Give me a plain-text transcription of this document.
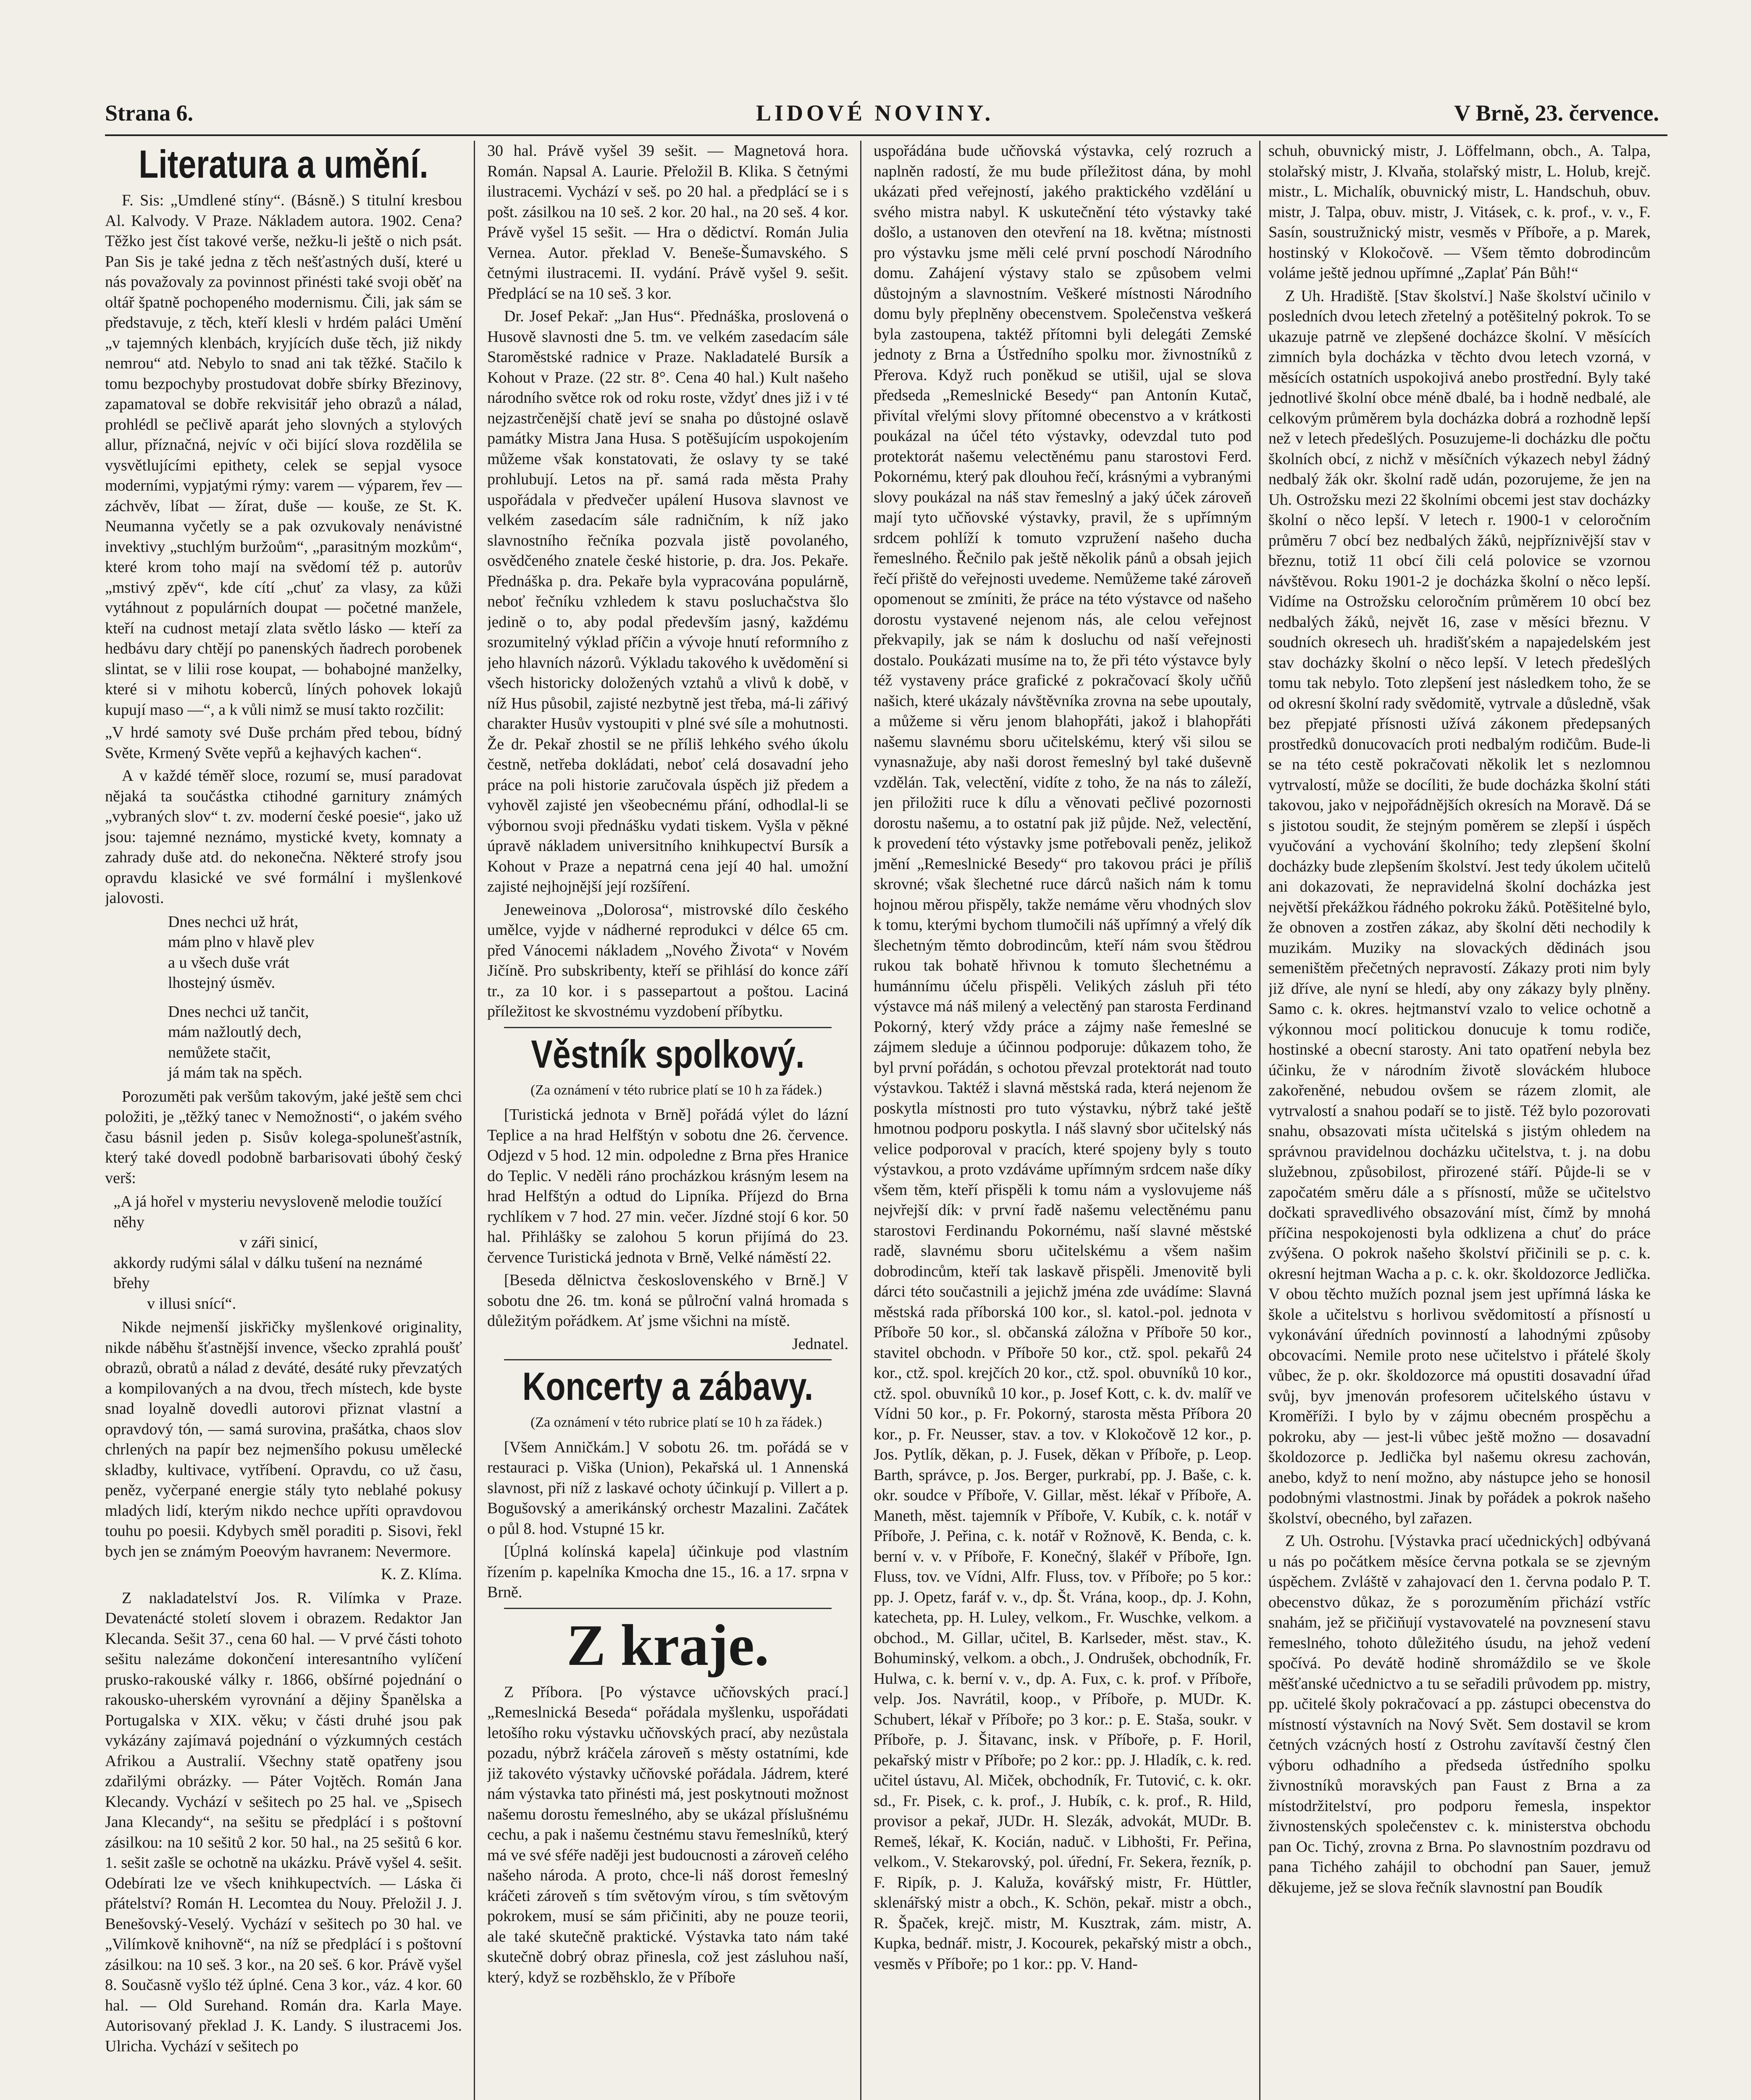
Strana 6.	LIDOVÉ NOVINY.	V Brně, 23. července.
Literatura a umění.

F. Sis: „Umdlené stíny“. (Básně.) S titulní kresbou Al. Kalvody. V Praze. Nákladem autora. 1902. Cena? Těžko jest číst takové verše, nežku-li ještě o nich psát. Pan Sis je také jedna z těch nešťastných duší, které u nás považovaly za povinnost přinésti také svoji oběť na oltář špatně pochopeného modernismu. Čili, jak sám se představuje, z těch, kteří klesli v hrdém paláci Umění „v tajemných klenbách, kryjících duše těch, již nikdy nemrou“ atd. Nebylo to snad ani tak těžké. Stačilo k tomu bezpochyby prostudovat dobře sbírky Březinovy, zapamatoval se dobře rekvisitář jeho obrazů a nálad, prohlédl se pečlivě aparát jeho slovných a stylových allur, příznačná, nejvíc v oči bijící slova rozdělila se vysvětlujícími epithety, celek se sepjal vysoce moderními, vypjatými rýmy: varem — výparem, řev — záchvěv, líbat — žírat, duše — kouše, ze St. K. Neumanna vyčetly se a pak ozvukovaly nenávistné invektivy „stuchlým buržoům“, „parasitným mozkům“, které krom toho mají na svědomí též p. autorův „mstivý zpěv“, kde cítí „chuť za vlasy, za kůži vytáhnout z populárních doupat — početné manžele, kteří na cudnost metají zlata světlo lásko — kteří za hedbávu dary chtějí po panenských ňadrech porobenek slintat, se v lilii rose koupat, — bohabojné manželky, které si v mihotu koberců, líných pohovek lokajů kupují maso —“, a k vůli nimž se musí takto rozčilit:

„V hrdé samoty své Duše prchám před tebou, bídný Světe, Krmený Světe vepřů a kejhavých kachen“.

A v každé téměř sloce, rozumí se, musí paradovat nějaká ta součástka ctihodné garnitury známých „vybraných slov“ t. zv. moderní české poesie“, jako už jsou: tajemné neznámo, mystické kvety, komnaty a zahrady duše atd. do nekonečna. Některé strofy jsou opravdu klasické ve své formální i myšlenkové jalovosti.

Dnes nechci už hrát,
mám plno v hlavě plev
a u všech duše vrát
lhostejný úsměv.
Dnes nechci už tančit,
mám nažloutlý dech,
nemůžete stačit,
já mám tak na spěch.

Porozuměti pak veršům takovým, jaké ještě sem chci položiti, je „těžký tanec v Nemožnosti“, o jakém svého času básnil jeden p. Sisův kolega-spolunešťastník, který také dovedl podobně barbarisovati úbohý český verš:

„A já hořel v mysteriu nevysloveně melodie toužící něhy
v záři sinicí,
akkordy rudými sálal v dálku tušení na neznámé břehy
v illusi snící“.

Nikde nejmenší jiskřičky myšlenkové originality, nikde náběhu šťastnější invence, všecko zprahlá poušť obrazů, obratů a nálad z deváté, desáté ruky převzatých a kompilovaných a na dvou, třech místech, kde byste snad loyalně dovedli autorovi přiznat vlastní a opravdový tón, — samá surovina, prašátka, chaos slov chrlených na papír bez nejmenšího pokusu umělecké skladby, kultivace, vytříbení. Opravdu, co už času, peněz, vyčerpané energie stály tyto neblahé pokusy mladých lidí, kterým nikdo nechce upříti opravdovou touhu po poesii. Kdybych směl poraditi p. Sisovi, řekl bych jen se známým Poeovým havranem: Nevermore.

K. Z. Klíma.

Z nakladatelství Jos. R. Vilímka v Praze. Devatenácté století slovem i obrazem. Redaktor Jan Klecanda. Sešit 37., cena 60 hal. — V prvé části tohoto sešitu nalezáme dokončení interesantního vylíčení prusko-rakouské války r. 1866, obšírné pojednání o rakousko-uherském vyrovnání a dějiny Španělska a Portugalska v XIX. věku; v části druhé jsou pak vykázány zajímavá pojednání o výzkumných cestách Afrikou a Australií. Všechny statě opatřeny jsou zdařilými obrázky. — Páter Vojtěch. Román Jana Klecandy. Vychází v sešitech po 25 hal. ve „Spisech Jana Klecandy“, na sešitu se předplácí i s poštovní zásilkou: na 10 sešitů 2 kor. 50 hal., na 25 sešitů 6 kor. 1. sešit zašle se ochotně na ukázku. Právě vyšel 4. sešit. Odebírati lze ve všech knihkupectvích. — Láska či přátelství? Román H. Lecomtea du Nouy. Přeložil J. J. Benešovský-Veselý. Vychází v sešitech po 30 hal. ve „Vilímkově knihovně“, na níž se předplácí i s poštovní zásilkou: na 10 seš. 3 kor., na 20 seš. 6 kor. Právě vyšel 8. Současně vyšlo též úplné. Cena 3 kor., váz. 4 kor. 60 hal. — Old Surehand. Román dra. Karla Maye. Autorisovaný překlad J. K. Landy. S ilustracemi Jos. Ulricha. Vychází v sešitech po

30 hal. Právě vyšel 39 sešit. — Magnetová hora. Román. Napsal A. Laurie. Přeložil B. Klika. S četnými ilustracemi. Vychází v seš. po 20 hal. a předplácí se i s pošt. zásilkou na 10 seš. 2 kor. 20 hal., na 20 seš. 4 kor. Právě vyšel 15 sešit. — Hra o dědictví. Román Julia Vernea. Autor. překlad V. Beneše-Šumavského. S četnými ilustracemi. II. vydání. Právě vyšel 9. sešit. Předplácí se na 10 seš. 3 kor.

Dr. Josef Pekař: „Jan Hus“. Přednáška, proslovená o Husově slavnosti dne 5. tm. ve velkém zasedacím sále Staroměstské radnice v Praze. Nakladatelé Bursík a Kohout v Praze. (22 str. 8°. Cena 40 hal.) Kult našeho národního světce rok od roku roste, vždyť dnes již i v té nejzastrčenější chatě jeví se snaha po důstojné oslavě památky Mistra Jana Husa. S potěšujícím uspokojením můžeme však konstatovati, že oslavy ty se také prohlubují. Letos na př. samá rada města Prahy uspořádala v předvečer upálení Husova slavnost ve velkém zasedacím sále radničním, k níž jako slavnostního řečníka pozvala jistě povolaného, osvědčeného znatele české historie, p. dra. Jos. Pekaře. Přednáška p. dra. Pekaře byla vypracována populárně, neboť řečníku vzhledem k stavu posluchačstva šlo jedině o to, aby podal především jasný, každému srozumitelný výklad příčin a vývoje hnutí reformního z jeho hlavních názorů. Výkladu takového k uvědomění si všech historicky doložených vztahů a vlivů k době, v níž Hus působil, zajisté nezbytně jest třeba, má-li zářivý charakter Husův vystoupiti v plné své síle a mohutnosti. Že dr. Pekař zhostil se ne příliš lehkého svého úkolu čestně, netřeba dokládati, neboť celá dosavadní jeho práce na poli historie zaručovala úspěch již předem a vyhověl zajisté jen všeobecnému přání, odhodlal-li se výbornou svoji přednášku vydati tiskem. Vyšla v pěkné úpravě nákladem universitního knihkupectví Bursík a Kohout v Praze a nepatrná cena její 40 hal. umožní zajisté nejhojnější její rozšíření.

Jeneweinova „Dolorosa“, mistrovské dílo českého umělce, vyjde v nádherné reprodukci v délce 65 cm. před Vánocemi nákladem „Nového Života“ v Novém Jičíně. Pro subskribenty, kteří se přihlásí do konce září tr., za 10 kor. i s passepartout a poštou. Laciná příležitost ke skvostnému vyzdobení příbytku.

Věstník spolkový.

(Za oznámení v této rubrice platí se 10 h za řádek.)

[Turistická jednota v Brně] pořádá výlet do lázní Teplice a na hrad Helfštýn v sobotu dne 26. července. Odjezd v 5 hod. 12 min. odpoledne z Brna přes Hranice do Teplic. V neděli ráno procházkou krásným lesem na hrad Helfštýn a odtud do Lipníka. Příjezd do Brna rychlíkem v 7 hod. 27 min. večer. Jízdné stojí 6 kor. 50 hal. Přihlášky se zalohou 5 korun přijímá do 23. července Turistická jednota v Brně, Velké náměstí 22.

[Beseda dělnictva československého v Brně.] V sobotu dne 26. tm. koná se půlroční valná hromada s důležitým pořádkem. Ať jsme všichni na místě.

Jednatel.

Koncerty a zábavy.

(Za oznámení v této rubrice platí se 10 h za řádek.)

[Všem Anničkám.] V sobotu 26. tm. pořádá se v restauraci p. Viška (Union), Pekařská ul. 1 Annenská slavnost, při níž z laskavé ochoty účinkují p. Villert a p. Bogušovský a amerikánský orchestr Mazalini. Začátek o půl 8. hod. Vstupné 15 kr.

[Úplná kolínská kapela] účinkuje pod vlastním řízením p. kapelníka Kmocha dne 15., 16. a 17. srpna v Brně.

Z kraje.

Z Příbora. [Po výstavce učňovských prací.] „Remeslnická Beseda“ pořádala myšlenku, uspořádati letošího roku výstavku učňovských prací, aby nezůstala pozadu, nýbrž kráčela zároveň s městy ostatními, kde již takovéto výstavky učňovské pořádala. Jádrem, které nám výstavka tato přinésti má, jest poskytnouti možnost našemu dorostu řemeslného, aby se ukázal příslušnému cechu, a pak i našemu čestnému stavu řemeslníků, který má ve své sféře naději jest budoucnosti a zároveň celého našeho národa. A proto, chce-li náš dorost řemeslný kráčeti zároveň s tím světovým vírou, s tím světovým pokrokem, musí se sám přičiniti, aby ne pouze teorii, ale také skutečně praktické. Výstavka tato nám také skutečně dobrý obraz přinesla, což jest zásluhou naší, který, když se rozběhsklo, že v Příboře

uspořádána bude učňovská výstavka, celý rozruch a naplněn radostí, že mu bude příležitost dána, by mohl ukázati před veřejností, jakého praktického vzdělání u svého mistra nabyl. K uskutečnění této výstavky také došlo, a ustanoven den otevření na 18. května; místnosti pro výstavku jsme měli celé první poschodí Národního domu. Zahájení výstavy stalo se způsobem velmi důstojným a slavnostním. Veškeré místnosti Národního domu byly přeplněny obecenstvem. Společenstva veškerá byla zastoupena, taktéž přítomni byli delegáti Zemské jednoty z Brna a Ústředního spolku mor. živnostníků z Přerova. Když ruch poněkud se utišil, ujal se slova předseda „Remeslnické Besedy“ pan Antonín Kutač, přivítal vřelými slovy přítomné obecenstvo a v krátkosti poukázal na účel této výstavky, odevzdal tuto pod protektorát našemu velectěnému panu starostovi Ferd. Pokornému, který pak dlouhou řečí, krásnými a vybranými slovy poukázal na náš stav řemeslný a jaký úček zároveň mají tyto učňovské výstavky, pravil, že s upřímným srdcem pohlíží k tomuto vzpružení našeho ducha řemeslného. Řečnilo pak ještě několik pánů a obsah jejich řečí přiště do veřejnosti uvedeme. Nemůžeme také zároveň opomenout se zmíniti, že práce na této výstavce od našeho dorostu vystavené nejenom nás, ale celou veřejnost překvapily, jak se nám k dosluchu od naší veřejnosti dostalo. Poukázati musíme na to, že při této výstavce byly též vystaveny práce grafické z pokračovací školy učňů našich, které ukázaly návštěvníka zrovna na sebe upoutaly, a můžeme si věru jenom blahopřáti, jakož i blahopřáti našemu slavnému sboru učitelskému, který vši silou se vynasnažuje, aby naši dorost řemeslný byl také duševně vzdělán. Tak, velectění, vidíte z toho, že na nás to záleží, jen přiložiti ruce k dílu a věnovati pečlivé pozornosti dorostu našemu, a to ostatní pak již půjde. Než, velectění, k provedení této výstavky jsme potřebovali peněz, jelikož jmění „Remeslnické Besedy“ pro takovou práci je příliš skrovné; však šlechetné ruce dárců našich nám k tomu hojnou měrou přispěly, takže nemáme věru vhodných slov k tomu, kterými bychom tlumočili náš upřímný a vřelý dík šlechetným těmto dobrodincům, kteří nám svou štědrou rukou tak bohatě hřivnou k tomuto šlechetnému a humánnímu účelu přispěli. Velikých zásluh při této výstavce má náš milený a velectěný pan starosta Ferdinand Pokorný, který vždy práce a zájmy naše řemeslné se zájmem sleduje a účinnou podporuje: důkazem toho, že byl první pořádán, s ochotou převzal protektorát nad touto výstavkou. Taktéž i slavná městská rada, která nejenom že poskytla místnosti pro tuto výstavku, nýbrž také ještě hmotnou podporu poskytla. I náš slavný sbor učitelský nás velice podporoval v pracích, které spojeny byly s touto výstavkou, a proto vzdáváme upřímným srdcem naše díky všem těm, kteří přispěli k tomu nám a vyslovujeme náš nejvřejší dík: v první řadě našemu velectěnému panu starostovi Ferdinandu Pokornému, naší slavné městské radě, slavnému sboru učitelskému a všem našim dobrodincům, kteří tak laskavě přispěli. Jmenovitě byli dárci této součastnili a jejichž jména zde uvádíme: Slavná městská rada příborská 100 kor., sl. katol.-pol. jednota v Příboře 50 kor., sl. občanská záložna v Příboře 50 kor., stavitel obchodn. v Příboře 50 kor., ctž. spol. pekařů 24 kor., ctž. spol. krejčích 20 kor., ctž. spol. obuvníků 10 kor., ctž. spol. obuvníků 10 kor., p. Josef Kott, c. k. dv. malíř ve Vídni 50 kor., p. Fr. Pokorný, starosta města Příbora 20 kor., p. Fr. Neusser, stav. a tov. v Klokočově 12 kor., p. Jos. Pytlík, děkan, p. J. Fusek, děkan v Příboře, p. Leop. Barth, správce, p. Jos. Berger, purkrabí, pp. J. Baše, c. k. okr. soudce v Příboře, V. Gillar, měst. lékař v Příboře, A. Maneth, měst. tajemník v Příboře, V. Kubík, c. k. notář v Příboře, J. Peřina, c. k. notář v Rožnově, K. Benda, c. k. berní v. v. v Příboře, F. Konečný, šlakéř v Příboře, Ign. Fluss, tov. ve Vídni, Alfr. Fluss, tov. v Příboře; po 5 kor.: pp. J. Opetz, faráf v. v., dp. Št. Vrána, koop., dp. J. Kohn, katecheta, pp. H. Luley, velkom., Fr. Wuschke, velkom. a obchod., M. Gillar, učitel, B. Karlseder, měst. stav., K. Bohuminský, velkom. a obch., J. Ondrušek, obchodník, Fr. Hulwa, c. k. berní v. v., dp. A. Fux, c. k. prof. v Příboře, velp. Jos. Navrátil, koop., v Příboře, p. MUDr. K. Schubert, lékař v Příboře; po 3 kor.: p. E. Staša, soukr. v Příboře, p. J. Šitavanc, insk. v Příboře, p. F. Horil, pekařský mistr v Příboře; po 2 kor.: pp. J. Hladík, c. k. red. učitel ústavu, Al. Miček, obchodník, Fr. Tutović, c. k. okr. sd., Fr. Pisek, c. k. prof., J. Hubík, c. k. prof., R. Hild, provisor a pekař, JUDr. H. Slezák, advokát, MUDr. B. Remeš, lékař, K. Kocián, naduč. v Libhošti, Fr. Peřina, velkom., V. Stekarovský, pol. úřední, Fr. Sekera, řezník, p. F. Ripík, p. J. Kaluža, kovářský mistr, Fr. Hüttler, sklenářský mistr a obch., K. Schön, pekař. mistr a obch., R. Špaček, krejč. mistr, M. Kusztrak, zám. mistr, A. Kupka, bednář. mistr, J. Kocourek, pekařský mistr a obch., vesměs v Příboře; po 1 kor.: pp. V. Hand-

schuh, obuvnický mistr, J. Löffelmann, obch., A. Talpa, stolařský mistr, J. Klvaňa, stolařský mistr, L. Holub, krejč. mistr., L. Michalík, obuvnický mistr, L. Handschuh, obuv. mistr, J. Talpa, obuv. mistr, J. Vitásek, c. k. prof., v. v., F. Sasín, soustružnický mistr, vesměs v Příboře, a p. Marek, hostinský v Klokočově. — Všem těmto dobrodincům voláme ještě jednou upřímné „Zaplať Pán Bůh!“

Z Uh. Hradiště. [Stav školství.] Naše školství učinilo v posledních dvou letech zřetelný a potěšitelný pokrok. To se ukazuje patrně ve zlepšené docházce školní. V měsících zimních byla docházka v těchto dvou letech vzorná, v měsících ostatních uspokojivá anebo prostřední. Byly také jednotlivé školní obce méně dbalé, ba i hodně nedbalé, ale celkovým průměrem byla docházka dobrá a rozhodně lepší než v letech předešlých. Posuzujeme-li docházku dle počtu školních obcí, z nichž v měsíčních výkazech nebyl žádný nedbalý žák okr. školní radě udán, pozorujeme, že jen na Uh. Ostrožsku mezi 22 školními obcemi jest stav docházky školní o něco lepší. V letech r. 1900-1 v celoročním průměru 7 obcí bez nedbalých žáků, nejpříznivější stav v březnu, totiž 11 obcí čili celá polovice se vzornou návštěvou. Roku 1901-2 je docházka školní o něco lepší. Vidíme na Ostrožsku celoročním průměrem 10 obcí bez nedbalých žáků, největ 16, zase v měsíci březnu. V soudních okresech uh. hradišťském a napajedelském jest stav docházky školní o něco lepší. V letech předešlých tomu tak nebylo. Toto zlepšení jest následkem toho, že se od okresní školní rady svědomitě, vytrvale a důsledně, však bez přepjaté přísnosti užívá zákonem předepsaných prostředků donucovacích proti nedbalým rodičům. Bude-li se na této cestě pokračovati několik let s nezlomnou vytrvalostí, může se docíliti, že bude docházka školní státi takovou, jako v nejpořádnějších okresích na Moravě. Dá se s jistotou soudit, že stejným poměrem se zlepší i úspěch vyučování a vychování školního; tedy zlepšení školní docházky bude zlepšením školství. Jest tedy úkolem učitelů ani dokazovati, že nepravidelná školní docházka jest největší překážkou řádného pokroku žáků. Potěšitelné bylo, že obnoven a zostřen zákaz, aby školní děti nechodily k muzikám. Muziky na slovackých dědinách jsou semeništěm přečetných nepravostí. Zákazy proti nim byly již dříve, ale nyní se hledí, aby ony zákazy byly plněny. Samo c. k. okres. hejtmanství vzalo to velice ochotně a výkonnou mocí politickou donucuje k tomu rodiče, hostinské a obecní starosty. Ani tato opatření nebyla bez účinku, že v národním životě slováckém hluboce zakořeněné, nebudou ovšem se rázem zlomit, ale vytrvalostí a snahou podaří se to jistě. Též bylo pozorovati snahu, obsazovati místa učitelská s jistým ohledem na správnou pravidelnou docházku učitelstva, t. j. na dobu služebnou, způsobilost, přirozené stáří. Půjde-li se v započatém směru dále a s přísností, může se učitelstvo dočkati spravedlivého obsazování míst, čímž by mnohá příčina nespokojenosti byla odklizena a chuť do práce zvýšena. O pokrok našeho školství přičinili se p. c. k. okresní hejtman Wacha a p. c. k. okr. školdozorce Jedlička. V obou těchto mužích poznal jsem jest upřímná láska ke škole a učitelstvu s horlivou svědomitostí a přísností u vykonávání úředních povinností a lahodnými způsoby obcovacími. Nemile proto nese učitelstvo i přátelé školy vůbec, že p. okr. školdozorce má opustiti dosavadní úřad svůj, byv jmenován profesorem učitelského ústavu v Kroměříži. I bylo by v zájmu obecném prospěchu a pokroku, aby — jest-li vůbec ještě možno — dosavadní školdozorce p. Jedlička byl našemu okresu zachován, anebo, když to není možno, aby nástupce jeho se honosil podobnými vlastnostmi. Jinak by pořádek a pokrok našeho školství, obecného, byl zařazen.

Z Uh. Ostrohu. [Výstavka prací učednických] odbývaná u nás po počátkem měsíce června potkala se se zjevným úspěchem. Zvláště v zahajovací den 1. června podalo P. T. obecenstvo důkaz, že s porozuměním přichází vstříc snahám, jež se přičiňují vystavovatelé na povznesení stavu řemeslného, tohoto důležitého úsudu, na jehož vedení spočívá. Po devátě hodině shromáždilo se ve škole měšťanské učednictvo a tu se seřadili průvodem pp. mistry, pp. učitelé školy pokračovací a pp. zástupci obecenstva do místností výstavních na Nový Svět. Sem dostavil se krom četných vzácných hostí z Ostrohu zavítavší čestný člen výboru odhadního a předseda ústředního spolku živnostníků moravských pan Faust z Brna a za místodržitelství, pro podporu řemesla, inspektor živnostenských společenstev c. k. ministerstva obchodu pan Oc. Tichý, zrovna z Brna. Po slavnostním pozdravu od pana Tichého zahájil to obchodní pan Sauer, jemuž děkujeme, jež se slova řečník slavnostní pan Boudík
